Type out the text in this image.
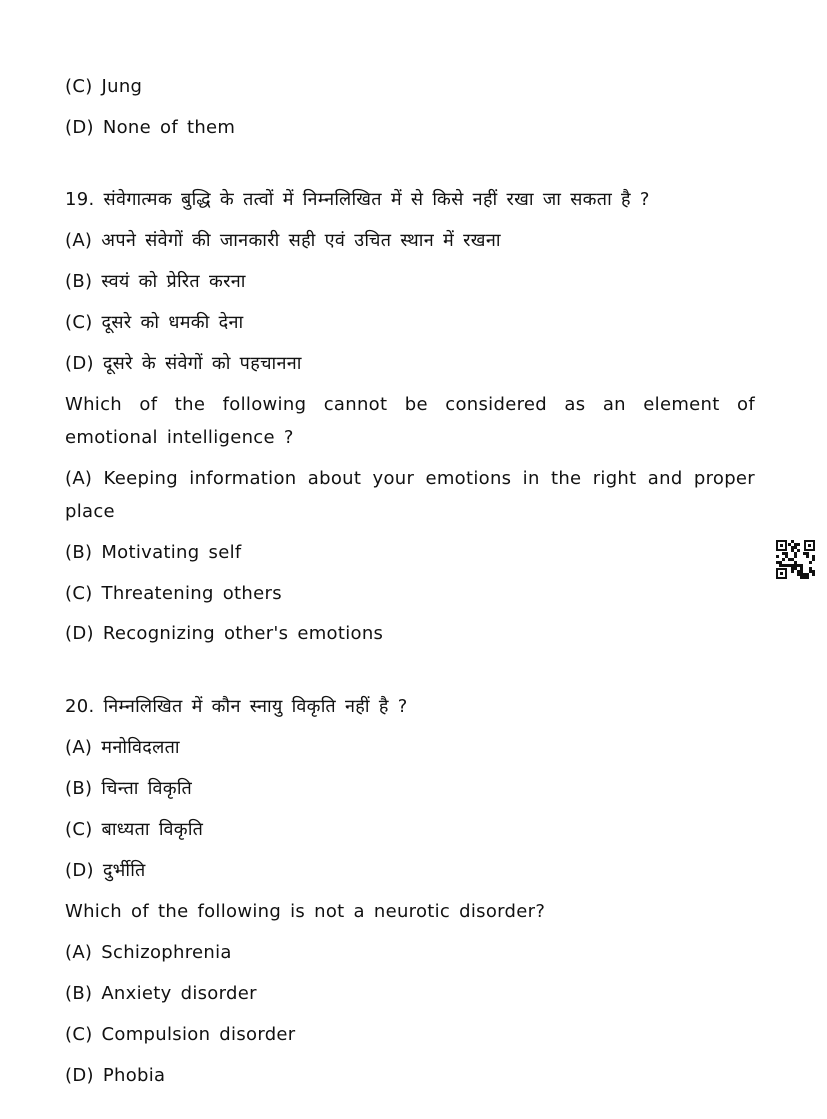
(C) Jung
(D) None of them
19. संवेगात्मक बुद्धि के तत्वों में निम्नलिखित में से किसे नहीं रखा जा सकता है ?
(A) अपने संवेगों की जानकारी सही एवं उचित स्थान में रखना
(B) स्वयं को प्रेरित करना
(C) दूसरे को धमकी देना
(D) दूसरे के संवेगों को पहचानना
Which of the following cannot be considered as an element of emotional intelligence ?
(A) Keeping information about your emotions in the right and proper place
(B) Motivating self
(C) Threatening others
(D) Recognizing other's emotions
20. निम्नलिखित में कौन स्नायु विकृति नहीं है ?
(A) मनोविदलता
(B) चिन्ता विकृति
(C) बाध्यता विकृति
(D) दुर्भीति
Which of the following is not a neurotic disorder?
(A) Schizophrenia
(B) Anxiety disorder
(C) Compulsion disorder
(D) Phobia
